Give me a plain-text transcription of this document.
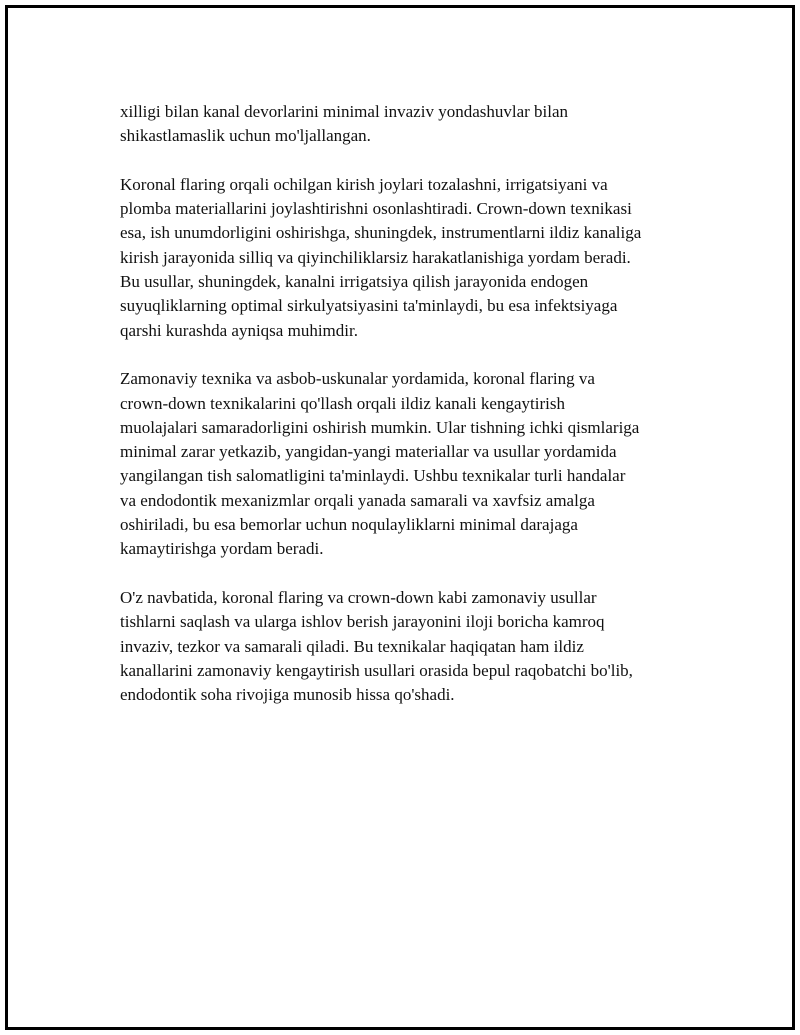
xilligi bilan kanal devorlarini minimal invaziv yondashuvlar bilan
shikastlamaslik uchun mo'ljallangan.

Koronal flaring orqali ochilgan kirish joylari tozalashni, irrigatsiyani va
plomba materiallarini joylashtirishni osonlashtiradi. Crown-down texnikasi
esa, ish unumdorligini oshirishga, shuningdek, instrumentlarni ildiz kanaliga
kirish jarayonida silliq va qiyinchiliklarsiz harakatlanishiga yordam beradi.
Bu usullar, shuningdek, kanalni irrigatsiya qilish jarayonida endogen
suyuqliklarning optimal sirkulyatsiyasini ta'minlaydi, bu esa infektsiyaga
qarshi kurashda ayniqsa muhimdir.

Zamonaviy texnika va asbob-uskunalar yordamida, koronal flaring va
crown-down texnikalarini qo'llash orqali ildiz kanali kengaytirish
muolajalari samaradorligini oshirish mumkin. Ular tishning ichki qismlariga
minimal zarar yetkazib, yangidan-yangi materiallar va usullar yordamida
yangilangan tish salomatligini ta'minlaydi. Ushbu texnikalar turli handalar
va endodontik mexanizmlar orqali yanada samarali va xavfsiz amalga
oshiriladi, bu esa bemorlar uchun noqulayliklarni minimal darajaga
kamaytirishga yordam beradi.

O'z navbatida, koronal flaring va crown-down kabi zamonaviy usullar
tishlarni saqlash va ularga ishlov berish jarayonini iloji boricha kamroq
invaziv, tezkor va samarali qiladi. Bu texnikalar haqiqatan ham ildiz
kanallarini zamonaviy kengaytirish usullari orasida bepul raqobatchi bo'lib,
endodontik soha rivojiga munosib hissa qo'shadi.
